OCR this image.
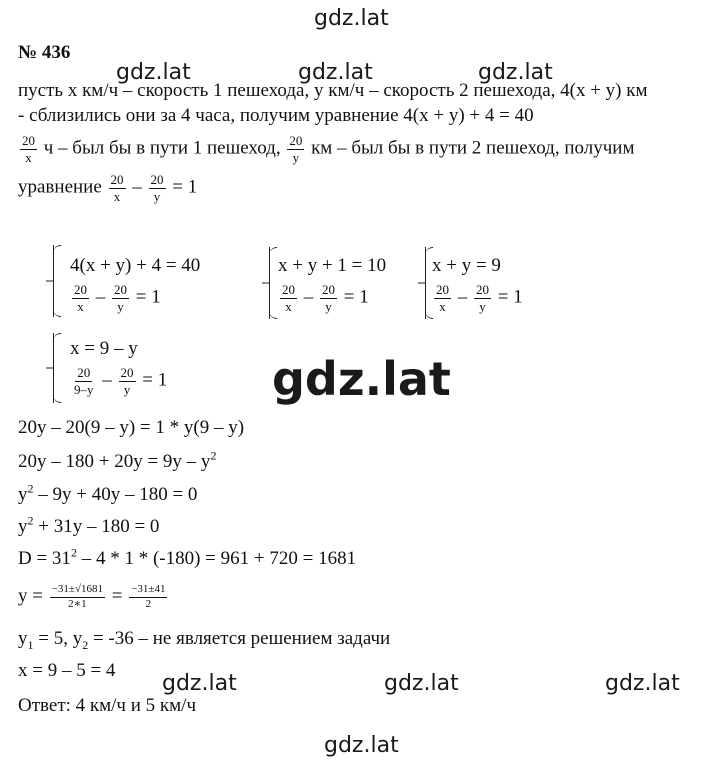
gdz.lat
gdz.lat	gdz.lat	gdz.lat
gdz.lat
gdz.lat	gdz.lat	gdz.lat
gdz.lat
№ 436
пусть х км/ч – скорость 1 пешехода, у км/ч – скорость 2 пешехода, 4(х + у) км
- сблизились они за 4 часа, получим уравнение 4(х + у) + 4 = 40
$\frac{20}{x}$ ч – был бы в пути 1 пешеход, $\frac{20}{y}$ км – был бы в пути 2 пешеход, получим
уравнение $\frac{20}{x} - \frac{20}{y} = 1$
4(x + y) + 4 = 40
$\frac{20}{x} - \frac{20}{y} = 1$
x + y + 1 = 10
$\frac{20}{x} - \frac{20}{y} = 1$
x + y = 9
$\frac{20}{x} - \frac{20}{y} = 1$
x = 9 – y
$\frac{20}{9-y} - \frac{20}{y} = 1$
20y – 20(9 – y) = 1 * y(9 – y)
$20y - 180 + 20y = 9y - y^2$
$y^2 - 9y + 40y - 180 = 0$
$y^2 + 31y - 180 = 0$
$D = 31^2 - 4 * 1 * (-180) = 961 + 720 = 1681$
$y = \frac{-31\pm√1681}{2∗1} = \frac{-31\pm 41}{2}$
$y_1 = 5$, $y_2 = -36$ – не является решением задачи
x = 9 – 5 = 4
Ответ: 4 км/ч и 5 км/ч
